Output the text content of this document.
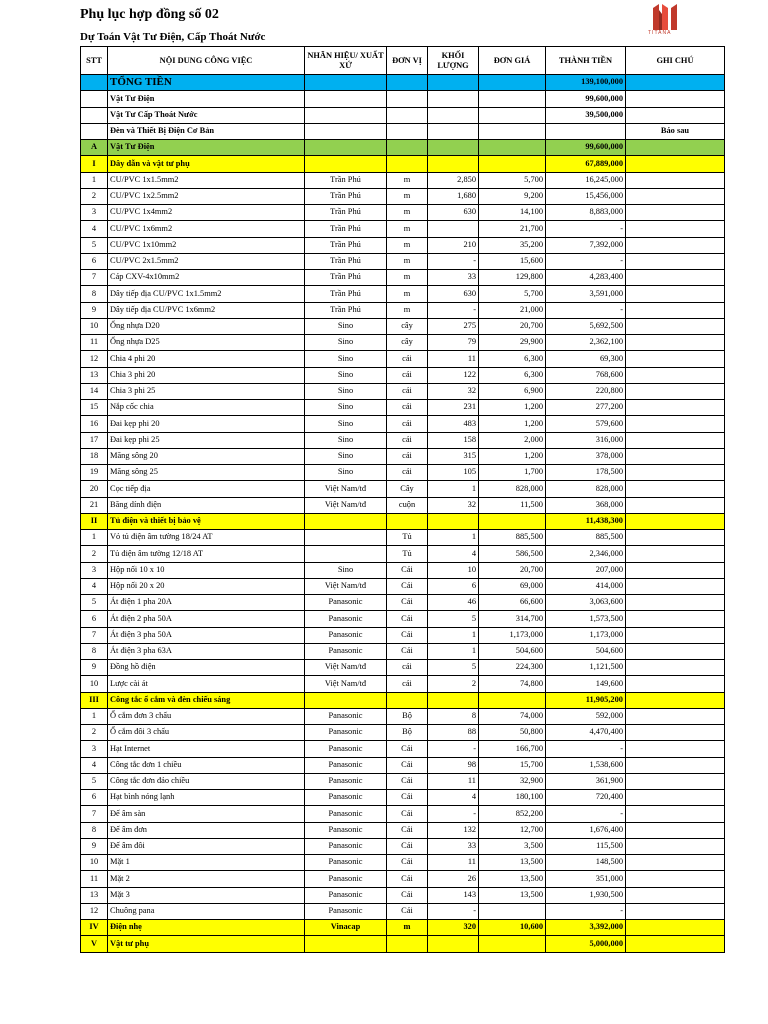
Phụ lục hợp đồng số 02
Dự Toán Vật Tư Điện, Cấp Thoát Nước	TITANA
STT	NỘI DUNG CÔNG VIỆC	NHÃN HIỆU/ XUẤT XỨ	ĐƠN VỊ	KHỐI LƯỢNG	ĐƠN GIÁ	THÀNH TIỀN	GHI CHÚ
	TỔNG TIỀN					139,100,000	
	Vật Tư Điện					99,600,000	
	Vật Tư Cấp Thoát Nước					39,500,000	
	Đèn và Thiết Bị Điện Cơ Bản						Báo sau
A	Vật Tư Điện					99,600,000	
I	Dây dẫn và vật tư phụ					67,889,000	
1	CU/PVC 1x1.5mm2	Trần Phú	m	2,850	5,700	16,245,000	
2	CU/PVC 1x2.5mm2	Trần Phú	m	1,680	9,200	15,456,000	
3	CU/PVC 1x4mm2	Trần Phú	m	630	14,100	8,883,000	
4	CU/PVC 1x6mm2	Trần Phú	m		21,700	-	
5	CU/PVC 1x10mm2	Trần Phú	m	210	35,200	7,392,000	
6	CU/PVC 2x1.5mm2	Trần Phú	m	-	15,600	-	
7	Cáp CXV-4x10mm2	Trần Phú	m	33	129,800	4,283,400	
8	Dây tiếp địa CU/PVC 1x1.5mm2	Trần Phú	m	630	5,700	3,591,000	
9	Dây tiếp địa CU/PVC 1x6mm2	Trần Phú	m	-	21,000	-	
10	Ống nhựa D20	Sino	cây	275	20,700	5,692,500	
11	Ống nhựa D25	Sino	cây	79	29,900	2,362,100	
12	Chia 4 phi 20	Sino	cái	11	6,300	69,300	
13	Chia 3 phi 20	Sino	cái	122	6,300	768,600	
14	Chia 3 phi 25	Sino	cái	32	6,900	220,800	
15	Nắp cốc chia	Sino	cái	231	1,200	277,200	
16	Đai kẹp phi 20	Sino	cái	483	1,200	579,600	
17	Đai kẹp phi 25	Sino	cái	158	2,000	316,000	
18	Măng sông 20	Sino	cái	315	1,200	378,000	
19	Măng sông 25	Sino	cái	105	1,700	178,500	
20	Cọc tiếp địa	Việt Nam/tđ	Cây	1	828,000	828,000	
21	Băng dính điện	Việt Nam/tđ	cuộn	32	11,500	368,000	
II	Tủ điện và thiết bị bảo vệ					11,438,300	
1	Vỏ tủ điện âm tường 18/24 AT		Tủ	1	885,500	885,500	
2	Tủ điện âm tường 12/18 AT		Tủ	4	586,500	2,346,000	
3	Hộp nối 10 x 10	Sino	Cái	10	20,700	207,000	
4	Hộp nối 20 x 20	Việt Nam/tđ	Cái	6	69,000	414,000	
5	Át điện 1 pha 20A	Panasonic	Cái	46	66,600	3,063,600	
6	Át điện 2 pha 50A	Panasonic	Cái	5	314,700	1,573,500	
7	Át điện 3 pha 50A	Panasonic	Cái	1	1,173,000	1,173,000	
8	Át điện 3 pha 63A	Panasonic	Cái	1	504,600	504,600	
9	Đồng hồ điện	Việt Nam/tđ	cái	5	224,300	1,121,500	
10	Lược cài át	Việt Nam/tđ	cái	2	74,800	149,600	
III	Công tắc ổ cắm và đèn chiếu sáng					11,905,200	
1	Ổ cắm đơn 3 chấu	Panasonic	Bộ	8	74,000	592,000	
2	Ổ cắm đôi 3 chấu	Panasonic	Bộ	88	50,800	4,470,400	
3	Hạt Internet	Panasonic	Cái	-	166,700	-	
4	Công tắc đơn 1 chiều	Panasonic	Cái	98	15,700	1,538,600	
5	Công tắc đơn đảo chiều	Panasonic	Cái	11	32,900	361,900	
6	Hạt bình nóng lạnh	Panasonic	Cái	4	180,100	720,400	
7	Đế âm sàn	Panasonic	Cái	-	852,200	-	
8	Đế âm đơn	Panasonic	Cái	132	12,700	1,676,400	
9	Đế âm đôi	Panasonic	Cái	33	3,500	115,500	
10	Mặt 1	Panasonic	Cái	11	13,500	148,500	
11	Mặt 2	Panasonic	Cái	26	13,500	351,000	
13	Mặt 3	Panasonic	Cái	143	13,500	1,930,500	
12	Chuông pana	Panasonic	Cái	-		-	
IV	Điện nhẹ	Vinacap	m	320	10,600	3,392,000	
V	Vật tư phụ					5,000,000	
